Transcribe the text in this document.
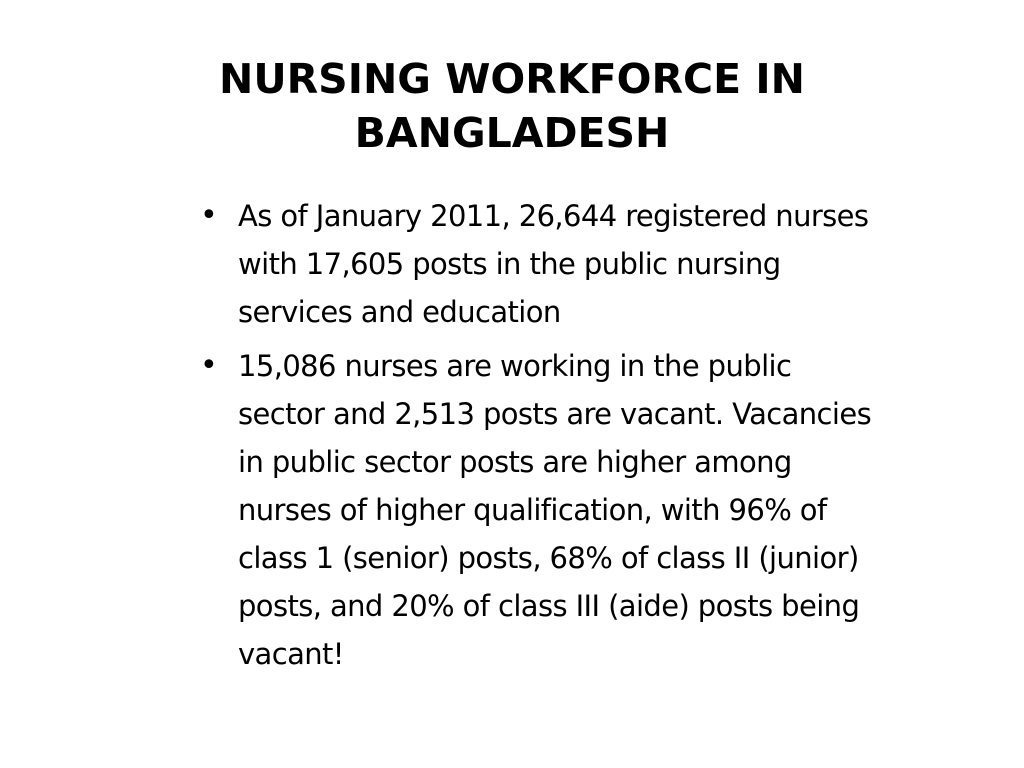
NURSING WORKFORCE IN
BANGLADESH
• As of January 2011, 26,644 registered nurses
with 17,605 posts in the public nursing
services and education
• 15,086 nurses are working in the public
sector and 2,513 posts are vacant. Vacancies
in public sector posts are higher among
nurses of higher qualification, with 96% of
class 1 (senior) posts, 68% of class II (junior)
posts, and 20% of class III (aide) posts being
vacant!
